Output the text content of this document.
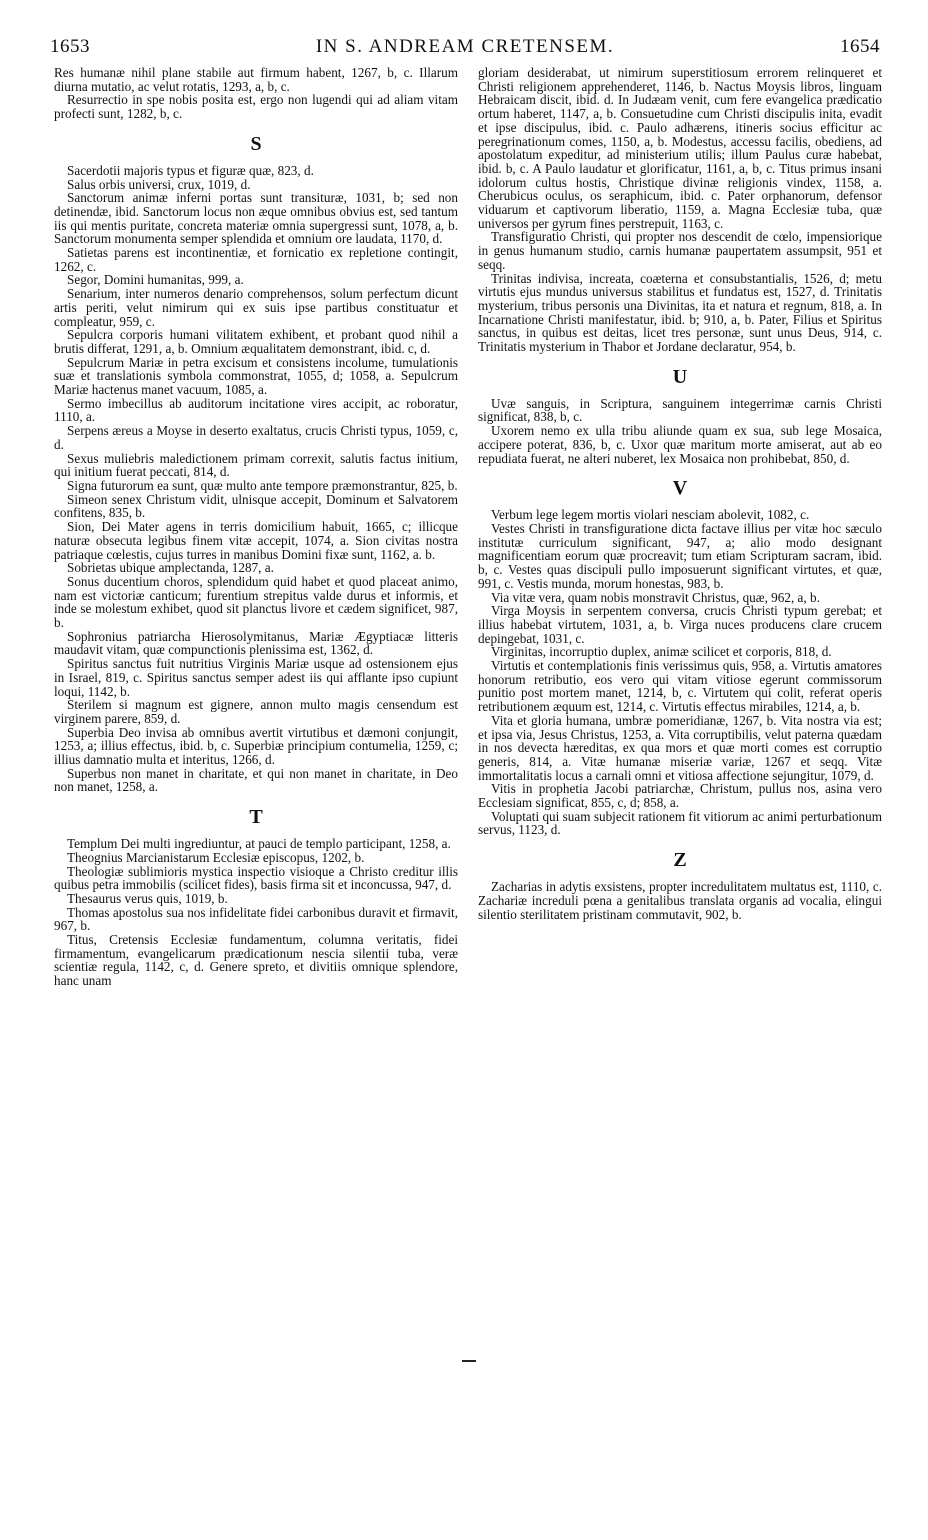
1653	IN S. ANDREAM CRETENSEM.	1654

Res humanæ nihil plane stabile aut firmum habent, 1267, b, c. Illarum diurna mutatio, ac velut rotatis, 1293, a, b, c.

Resurrectio in spe nobis posita est, ergo non lugendi qui ad aliam vitam profecti sunt, 1282, b, c.

S

Sacerdotii majoris typus et figuræ quæ, 823, d.

Salus orbis universi, crux, 1019, d.

Sanctorum animæ inferni portas sunt transituræ, 1031, b; sed non detinendæ, ibid. Sanctorum locus non æque omnibus obvius est, sed tantum iis qui mentis puritate, concreta materiæ omnia supergressi sunt, 1078, a, b. Sanctorum monumenta semper splendida et omnium ore laudata, 1170, d.

Satietas parens est incontinentiæ, et fornicatio ex repletione contingit, 1262, c.

Segor, Domini humanitas, 999, a.

Senarium, inter numeros denario comprehensos, solum perfectum dicunt artis periti, velut nimirum qui ex suis ipse partibus constituatur et compleatur, 959, c.

Sepulcra corporis humani vilitatem exhibent, et probant quod nihil a brutis differat, 1291, a, b. Omnium æqualitatem demonstrant, ibid. c, d.

Sepulcrum Mariæ in petra excisum et consistens incolume, tumulationis suæ et translationis symbola commonstrat, 1055, d; 1058, a. Sepulcrum Mariæ hactenus manet vacuum, 1085, a.

Sermo imbecillus ab auditorum incitatione vires accipit, ac roboratur, 1110, a.

Serpens æreus a Moyse in deserto exaltatus, crucis Christi typus, 1059, c, d.

Sexus muliebris maledictionem primam correxit, salutis factus initium, qui initium fuerat peccati, 814, d.

Signa futurorum ea sunt, quæ multo ante tempore præmonstrantur, 825, b.

Simeon senex Christum vidit, ulnisque accepit, Dominum et Salvatorem confitens, 835, b.

Sion, Dei Mater agens in terris domicilium habuit, 1665, c; illicque naturæ obsecuta legibus finem vitæ accepit, 1074, a. Sion civitas nostra patriaque cœlestis, cujus turres in manibus Domini fixæ sunt, 1162, a. b.

Sobrietas ubique amplectanda, 1287, a.

Sonus ducentium choros, splendidum quid habet et quod placeat animo, nam est victoriæ canticum; furentium strepitus valde durus et informis, et inde se molestum exhibet, quod sit planctus livore et cædem significet, 987, b.

Sophronius patriarcha Hierosolymitanus, Mariæ Ægyptiacæ litteris maudavit vitam, quæ compunctionis plenissima est, 1362, d.

Spiritus sanctus fuit nutritius Virginis Mariæ usque ad ostensionem ejus in Israel, 819, c. Spiritus sanctus semper adest iis qui afflante ipso cupiunt loqui, 1142, b.

Sterilem si magnum est gignere, annon multo magis censendum est virginem parere, 859, d.

Superbia Deo invisa ab omnibus avertit virtutibus et dæmoni conjungit, 1253, a; illius effectus, ibid. b, c. Superbiæ principium contumelia, 1259, c; illius damnatio multa et interitus, 1266, d.

Superbus non manet in charitate, et qui non manet in charitate, in Deo non manet, 1258, a.

T

Templum Dei multi ingrediuntur, at pauci de templo participant, 1258, a.

Theognius Marcianistarum Ecclesiæ episcopus, 1202, b.

Theologiæ sublimioris mystica inspectio visioque a Christo creditur illis quibus petra immobilis (scilicet fides), basis firma sit et inconcussa, 947, d.

Thesaurus verus quis, 1019, b.

Thomas apostolus sua nos infidelitate fidei carbonibus duravit et firmavit, 967, b.

Titus, Cretensis Ecclesiæ fundamentum, columna veritatis, fidei firmamentum, evangelicarum prædicationum nescia silentii tuba, veræ scientiæ regula, 1142, c, d. Genere spreto, et divitiis omnique splendore, hanc unam

gloriam desiderabat, ut nimirum superstitiosum errorem relinqueret et Christi religionem apprehenderet, 1146, b. Nactus Moysis libros, linguam Hebraicam discit, ibid. d. In Judæam venit, cum fere evangelica prædicatio ortum haberet, 1147, a, b. Consuetudine cum Christi discipulis inita, evadit et ipse discipulus, ibid. c. Paulo adhærens, itineris socius efficitur ac peregrinationum comes, 1150, a, b. Modestus, accessu facilis, obediens, ad apostolatum expeditur, ad ministerium utilis; illum Paulus curæ habebat, ibid. b, c. A Paulo laudatur et glorificatur, 1161, a, b, c. Titus primus insani idolorum cultus hostis, Christique divinæ religionis vindex, 1158, a. Cherubicus oculus, os seraphicum, ibid. c. Pater orphanorum, defensor viduarum et captivorum liberatio, 1159, a. Magna Ecclesiæ tuba, quæ universos per gyrum fines perstrepuit, 1163, c.

Transfiguratio Christi, qui propter nos descendit de cœlo, impensiorique in genus humanum studio, carnis humanæ paupertatem assumpsit, 951 et seqq.

Trinitas indivisa, increata, coæterna et consubstantialis, 1526, d; metu virtutis ejus mundus universus stabilitus et fundatus est, 1527, d. Trinitatis mysterium, tribus personis una Divinitas, ita et natura et regnum, 818, a. In Incarnatione Christi manifestatur, ibid. b; 910, a, b. Pater, Filius et Spiritus sanctus, in quibus est deitas, licet tres personæ, sunt unus Deus, 914, c. Trinitatis mysterium in Thabor et Jordane declaratur, 954, b.

U

Uvæ sanguis, in Scriptura, sanguinem integerrimæ carnis Christi significat, 838, b, c.

Uxorem nemo ex ulla tribu aliunde quam ex sua, sub lege Mosaica, accipere poterat, 836, b, c. Uxor quæ maritum morte amiserat, aut ab eo repudiata fuerat, ne alteri nuberet, lex Mosaica non prohibebat, 850, d.

V

Verbum lege legem mortis violari nesciam abolevit, 1082, c.

Vestes Christi in transfiguratione dicta factave illius per vitæ hoc sæculo institutæ curriculum significant, 947, a; alio modo designant magnificentiam eorum quæ procreavit; tum etiam Scripturam sacram, ibid. b, c. Vestes quas discipuli pullo imposuerunt significant virtutes, et quæ, 991, c. Vestis munda, morum honestas, 983, b.

Via vitæ vera, quam nobis monstravit Christus, quæ, 962, a, b.

Virga Moysis in serpentem conversa, crucis Christi typum gerebat; et illius habebat virtutem, 1031, a, b. Virga nuces producens clare crucem depingebat, 1031, c.

Virginitas, incorruptio duplex, animæ scilicet et corporis, 818, d.

Virtutis et contemplationis finis verissimus quis, 958, a. Virtutis amatores honorum retributio, eos vero qui vitam vitiose egerunt commissorum punitio post mortem manet, 1214, b, c. Virtutem qui colit, referat operis retributionem æquum est, 1214, c. Virtutis effectus mirabiles, 1214, a, b.

Vita et gloria humana, umbræ pomeridianæ, 1267, b. Vita nostra via est; et ipsa via, Jesus Christus, 1253, a. Vita corruptibilis, velut paterna quædam in nos devecta hæreditas, ex qua mors et quæ morti comes est corruptio generis, 814, a. Vitæ humanæ miseriæ variæ, 1267 et seqq. Vitæ immortalitatis locus a carnali omni et vitiosa affectione sejungitur, 1079, d.

Vitis in prophetia Jacobi patriarchæ, Christum, pullus nos, asina vero Ecclesiam significat, 855, c, d; 858, a.

Voluptati qui suam subjecit rationem fit vitiorum ac animi perturbationum servus, 1123, d.

Z

Zacharias in adytis exsistens, propter incredulitatem multatus est, 1110, c. Zachariæ increduli pœna a genitalibus translata organis ad vocalia, elingui silentio sterilitatem pristinam commutavit, 902, b.
